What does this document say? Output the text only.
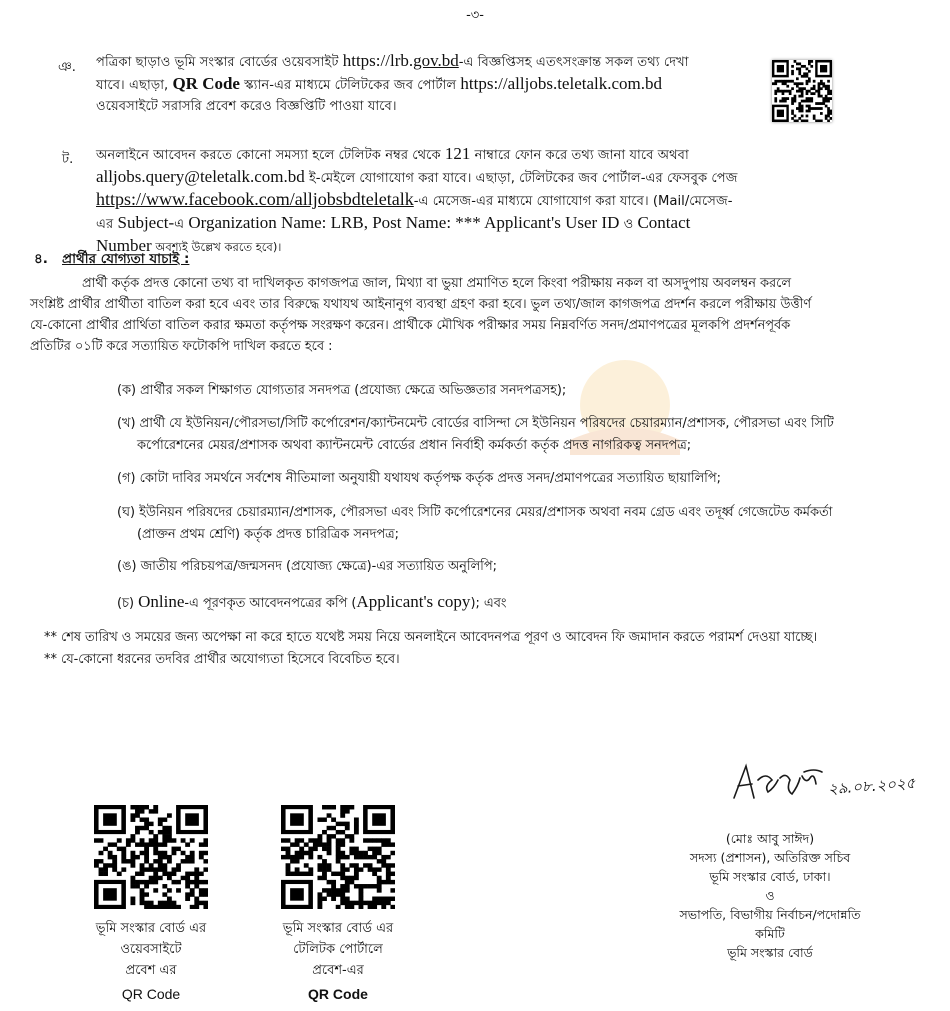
-৩-
ঞ. পত্রিকা ছাড়াও ভূমি সংস্কার বোর্ডের ওয়েবসাইট https://lrb.gov.bd-এ বিজ্ঞপ্তিসহ এতৎসংক্রান্ত সকল তথ্য দেখা
যাবে। এছাড়া, QR Code স্ক্যান-এর মাধ্যমে টেলিটকের জব পোর্টাল https://alljobs.teletalk.com.bd
ওয়েবসাইটে সরাসরি প্রবেশ করেও বিজ্ঞপ্তিটি পাওয়া যাবে।
ট. অনলাইনে আবেদন করতে কোনো সমস্যা হলে টেলিটক নম্বর থেকে 121 নাম্বারে ফোন করে তথ্য জানা যাবে অথবা
alljobs.query@teletalk.com.bd ই-মেইলে যোগাযোগ করা যাবে। এছাড়া, টেলিটকের জব পোর্টাল-এর ফেসবুক পেজ
https://www.facebook.com/alljobsbdteletalk-এ মেসেজ-এর মাধ্যমে যোগাযোগ করা যাবে। (Mail/মেসেজ-
এর Subject-এ Organization Name: LRB, Post Name: *** Applicant's User ID ও Contact
Number অবশ্যই উল্লেখ করতে হবে)।
৪. প্রার্থীর যোগ্যতা যাচাই :
প্রার্থী কর্তৃক প্রদত্ত কোনো তথ্য বা দাখিলকৃত কাগজপত্র জাল, মিথ্যা বা ভুয়া প্রমাণিত হলে কিংবা পরীক্ষায় নকল বা অসদুপায় অবলম্বন করলে
সংশ্লিষ্ট প্রার্থীর প্রার্থীতা বাতিল করা হবে এবং তার বিরুদ্ধে যথাযথ আইনানুগ ব্যবস্থা গ্রহণ করা হবে। ভুল তথ্য/জাল কাগজপত্র প্রদর্শন করলে পরীক্ষায় উত্তীর্ণ
যে-কোনো প্রার্থীর প্রার্থিতা বাতিল করার ক্ষমতা কর্তৃপক্ষ সংরক্ষণ করেন। প্রার্থীকে মৌখিক পরীক্ষার সময় নিম্নবর্ণিত সনদ/প্রমাণপত্রের মূলকপি প্রদর্শনপূর্বক
প্রতিটির ০১টি করে সত্যায়িত ফটোকপি দাখিল করতে হবে :
(ক) প্রার্থীর সকল শিক্ষাগত যোগ্যতার সনদপত্র (প্রযোজ্য ক্ষেত্রে অভিজ্ঞতার সনদপত্রসহ);
(খ) প্রার্থী যে ইউনিয়ন/পৌরসভা/সিটি কর্পোরেশন/ক্যান্টনমেন্ট বোর্ডের বাসিন্দা সে ইউনিয়ন পরিষদের চেয়ারম্যান/প্রশাসক, পৌরসভা এবং সিটি
কর্পোরেশনের মেয়র/প্রশাসক অথবা ক্যান্টনমেন্ট বোর্ডের প্রধান নির্বাহী কর্মকর্তা কর্তৃক প্রদত্ত নাগরিকত্ব সনদপত্র;
(গ) কোটা দাবির সমর্থনে সর্বশেষ নীতিমালা অনুযায়ী যথাযথ কর্তৃপক্ষ কর্তৃক প্রদত্ত সনদ/প্রমাণপত্রের সত্যায়িত ছায়ালিপি;
(ঘ) ইউনিয়ন পরিষদের চেয়ারম্যান/প্রশাসক, পৌরসভা এবং সিটি কর্পোরেশনের মেয়র/প্রশাসক অথবা নবম গ্রেড এবং তদূর্ধ্ব গেজেটেড কর্মকর্তা
(প্রাক্তন প্রথম শ্রেণি) কর্তৃক প্রদত্ত চারিত্রিক সনদপত্র;
(ঙ) জাতীয় পরিচয়পত্র/জন্মসনদ (প্রযোজ্য ক্ষেত্রে)-এর সত্যায়িত অনুলিপি;
(চ) Online-এ পূরণকৃত আবেদনপত্রের কপি (Applicant's copy); এবং
** শেষ তারিখ ও সময়ের জন্য অপেক্ষা না করে হাতে যথেষ্ট সময় নিয়ে অনলাইনে আবেদনপত্র পূরণ ও আবেদন ফি জমাদান করতে পরামর্শ দেওয়া যাচ্ছে।
** যে-কোনো ধরনের তদবির প্রার্থীর অযোগ্যতা হিসেবে বিবেচিত হবে।
ভূমি সংস্কার বোর্ড এর
ওয়েবসাইটে
প্রবেশ এর
QR Code
ভূমি সংস্কার বোর্ড এর
টেলিটক পোর্টালে
প্রবেশ-এর
QR Code
২৯.০৮.২০২৫
(মোঃ আবু সাঈদ)
সদস্য (প্রশাসন), অতিরিক্ত সচিব
ভূমি সংস্কার বোর্ড, ঢাকা।
ও
সভাপতি, বিভাগীয় নির্বাচন/পদোন্নতি
কমিটি
ভূমি সংস্কার বোর্ড
